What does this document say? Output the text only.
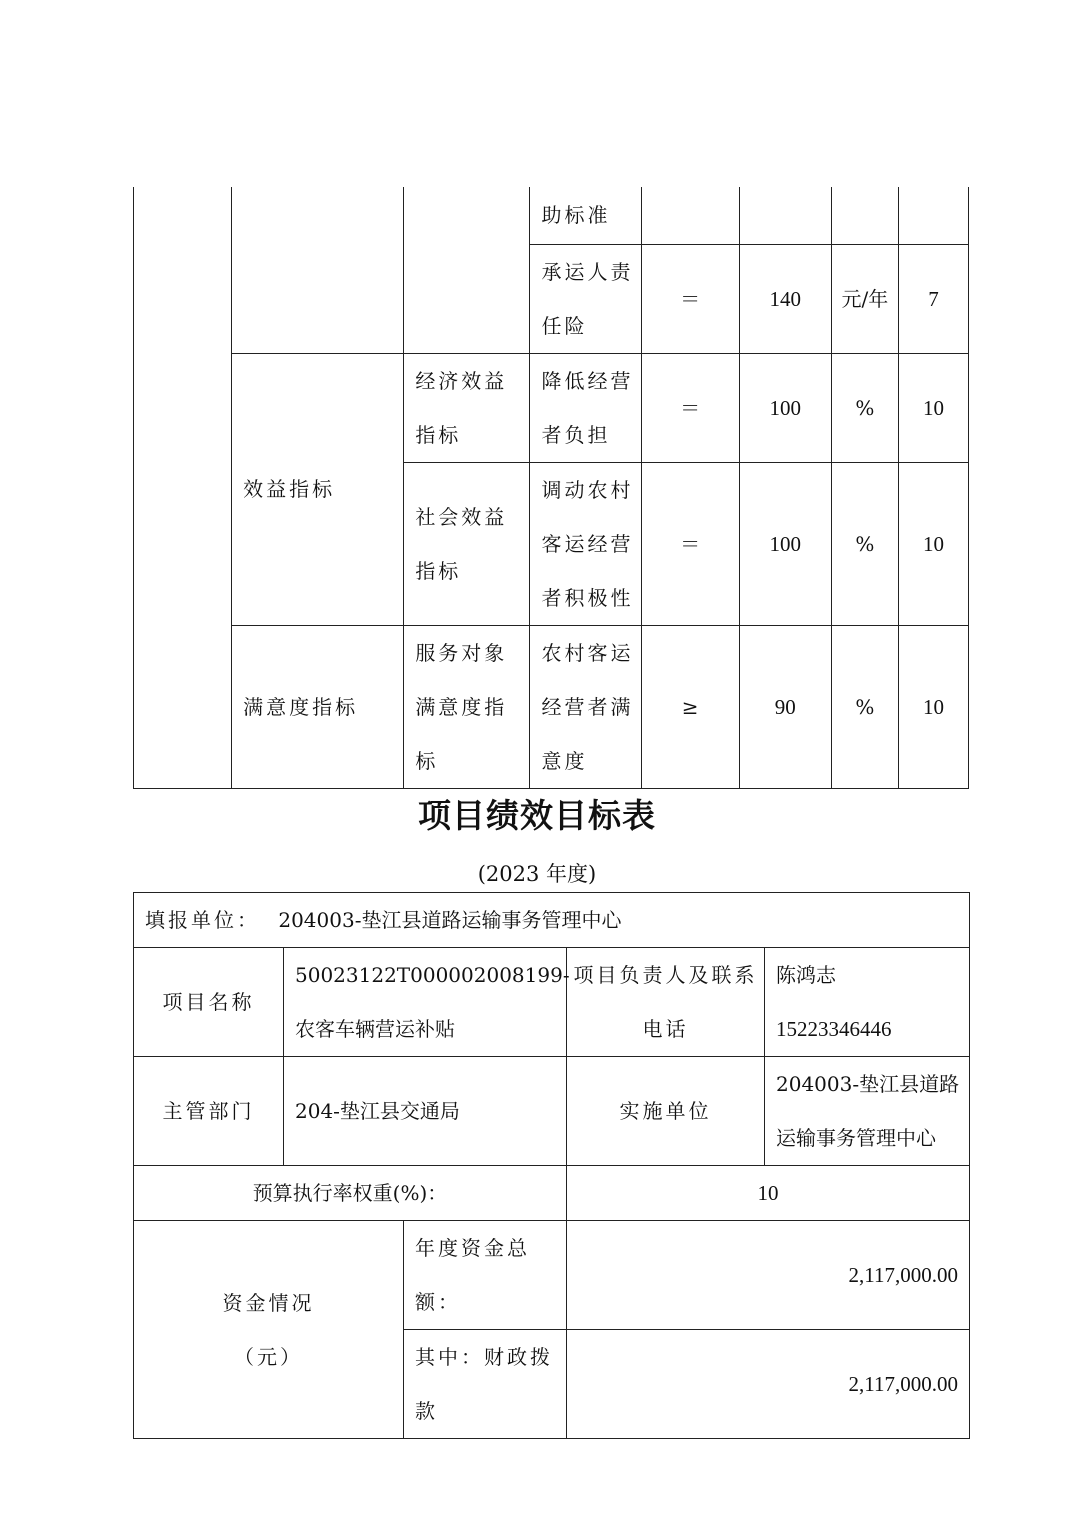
			助标准				
			承运人责任险	＝	140	元/年	7
	效益指标	经济效益指标	降低经营者负担	＝	100	%	10
		社会效益指标	调动农村客运经营者积极性	＝	100	%	10
	满意度指标	服务对象满意度指标	农村客运经营者满意度	≥	90	%	10
项目绩效目标表
(2023 年度)
填报单位： 204003-垫江县道路运输事务管理中心				
项目名称	50023122T000002008199-农客车辆营运补贴		项目负责人及联系电话	陈鸿志
15223346446

主管部门	204-垫江县交通局		实施单位	204003-垫江县道路运输事务管理中心
预算执行率权重(%)：			10	

资金情况
（元）		年度资金总额：	2,117,000.00	
		其中：财政拨款	2,117,000.00	
